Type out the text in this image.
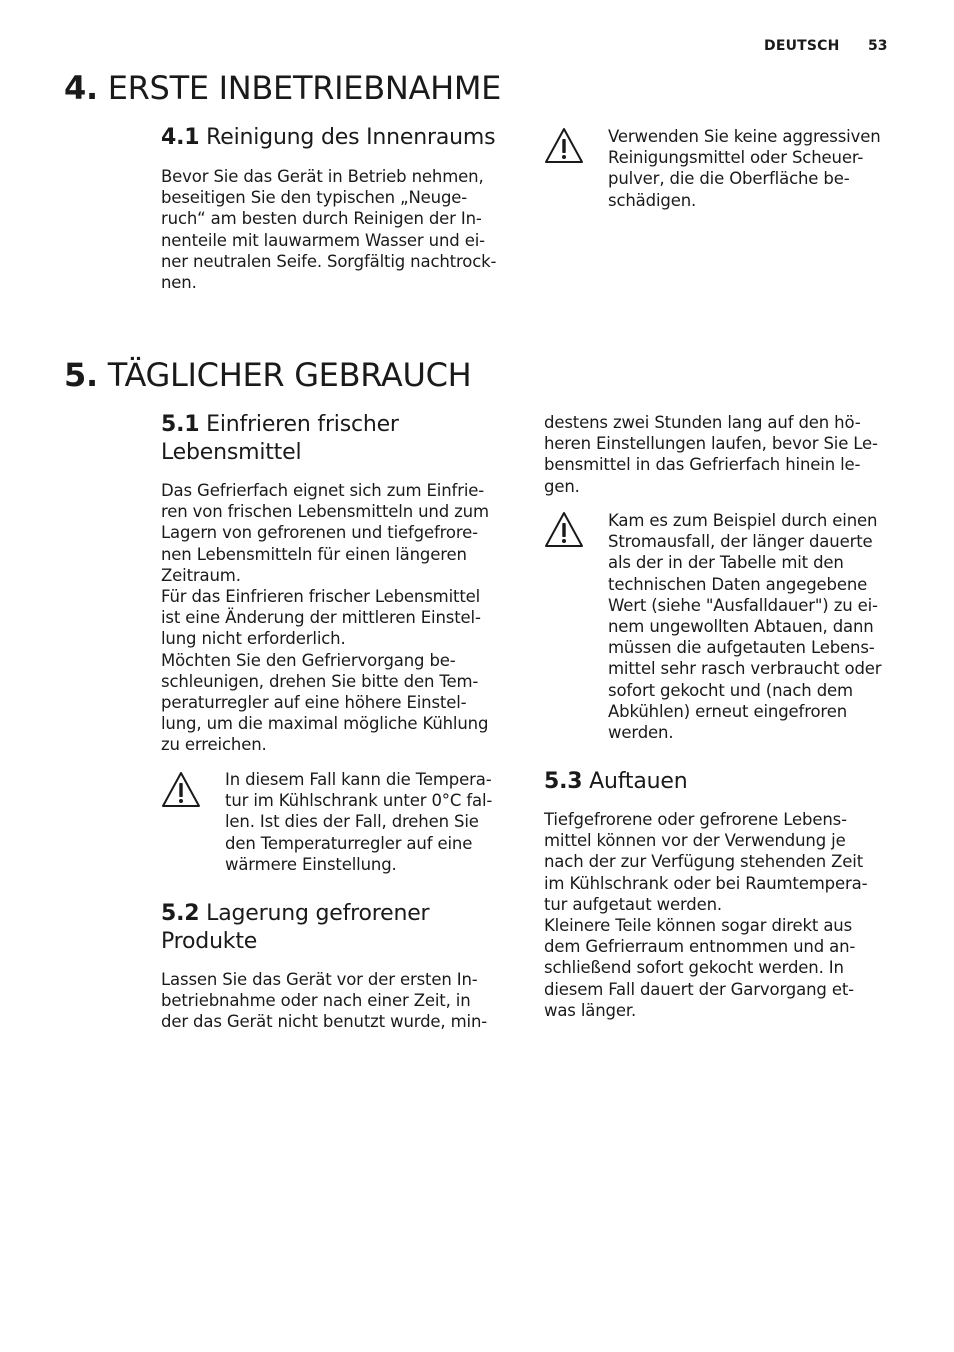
DEUTSCH 53
4. ERSTE INBETRIEBNAHME
4.1 Reinigung des Innenraums
Bevor Sie das Gerät in Betrieb nehmen,
beseitigen Sie den typischen „Neuge-
ruch“ am besten durch Reinigen der In-
nenteile mit lauwarmem Wasser und ei-
ner neutralen Seife. Sorgfältig nachtrock-
nen.
Verwenden Sie keine aggressiven
Reinigungsmittel oder Scheuer-
pulver, die die Oberfläche be-
schädigen.
5. TÄGLICHER GEBRAUCH
5.1 Einfrieren frischer
Lebensmittel
Das Gefrierfach eignet sich zum Einfrie-
ren von frischen Lebensmitteln und zum
Lagern von gefrorenen und tiefgefrore-
nen Lebensmitteln für einen längeren
Zeitraum.
Für das Einfrieren frischer Lebensmittel
ist eine Änderung der mittleren Einstel-
lung nicht erforderlich.
Möchten Sie den Gefriervorgang be-
schleunigen, drehen Sie bitte den Tem-
peraturregler auf eine höhere Einstel-
lung, um die maximal mögliche Kühlung
zu erreichen.
In diesem Fall kann die Tempera-
tur im Kühlschrank unter 0°C fal-
len. Ist dies der Fall, drehen Sie
den Temperaturregler auf eine
wärmere Einstellung.
5.2 Lagerung gefrorener
Produkte
Lassen Sie das Gerät vor der ersten In-
betriebnahme oder nach einer Zeit, in
der das Gerät nicht benutzt wurde, min-
destens zwei Stunden lang auf den hö-
heren Einstellungen laufen, bevor Sie Le-
bensmittel in das Gefrierfach hinein le-
gen.
Kam es zum Beispiel durch einen
Stromausfall, der länger dauerte
als der in der Tabelle mit den
technischen Daten angegebene
Wert (siehe "Ausfalldauer") zu ei-
nem ungewollten Abtauen, dann
müssen die aufgetauten Lebens-
mittel sehr rasch verbraucht oder
sofort gekocht und (nach dem
Abkühlen) erneut eingefroren
werden.
5.3 Auftauen
Tiefgefrorene oder gefrorene Lebens-
mittel können vor der Verwendung je
nach der zur Verfügung stehenden Zeit
im Kühlschrank oder bei Raumtempera-
tur aufgetaut werden.
Kleinere Teile können sogar direkt aus
dem Gefrierraum entnommen und an-
schließend sofort gekocht werden. In
diesem Fall dauert der Garvorgang et-
was länger.
